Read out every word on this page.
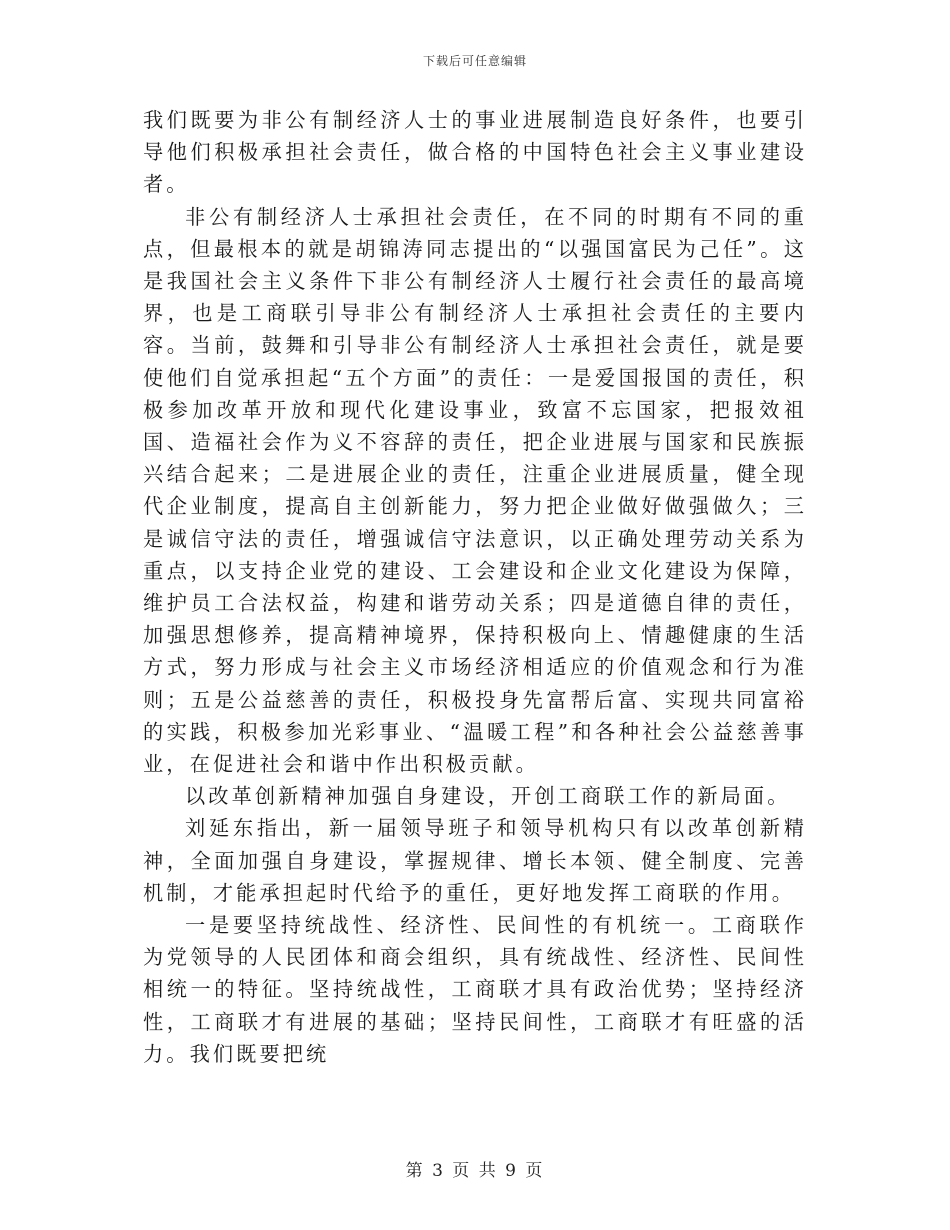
下载后可任意编辑

我们既要为非公有制经济人士的事业进展制造良好条件，也要引导他们积极承担社会责任，做合格的中国特色社会主义事业建设者。

非公有制经济人士承担社会责任，在不同的时期有不同的重点，但最根本的就是胡锦涛同志提出的“以强国富民为己任”。这是我国社会主义条件下非公有制经济人士履行社会责任的最高境界，也是工商联引导非公有制经济人士承担社会责任的主要内容。当前，鼓舞和引导非公有制经济人士承担社会责任，就是要使他们自觉承担起“五个方面”的责任：一是爱国报国的责任，积极参加改革开放和现代化建设事业，致富不忘国家，把报效祖国、造福社会作为义不容辞的责任，把企业进展与国家和民族振兴结合起来；二是进展企业的责任，注重企业进展质量，健全现代企业制度，提高自主创新能力，努力把企业做好做强做久；三是诚信守法的责任，增强诚信守法意识，以正确处理劳动关系为重点，以支持企业党的建设、工会建设和企业文化建设为保障，维护员工合法权益，构建和谐劳动关系；四是道德自律的责任，加强思想修养，提高精神境界，保持积极向上、情趣健康的生活方式，努力形成与社会主义市场经济相适应的价值观念和行为准则；五是公益慈善的责任，积极投身先富帮后富、实现共同富裕的实践，积极参加光彩事业、“温暖工程”和各种社会公益慈善事业，在促进社会和谐中作出积极贡献。

以改革创新精神加强自身建设，开创工商联工作的新局面。

刘延东指出，新一届领导班子和领导机构只有以改革创新精神，全面加强自身建设，掌握规律、增长本领、健全制度、完善机制，才能承担起时代给予的重任，更好地发挥工商联的作用。

一是要坚持统战性、经济性、民间性的有机统一。工商联作为党领导的人民团体和商会组织，具有统战性、经济性、民间性相统一的特征。坚持统战性，工商联才具有政治优势；坚持经济性，工商联才有进展的基础；坚持民间性，工商联才有旺盛的活力。我们既要把统

第 3 页 共 9 页
